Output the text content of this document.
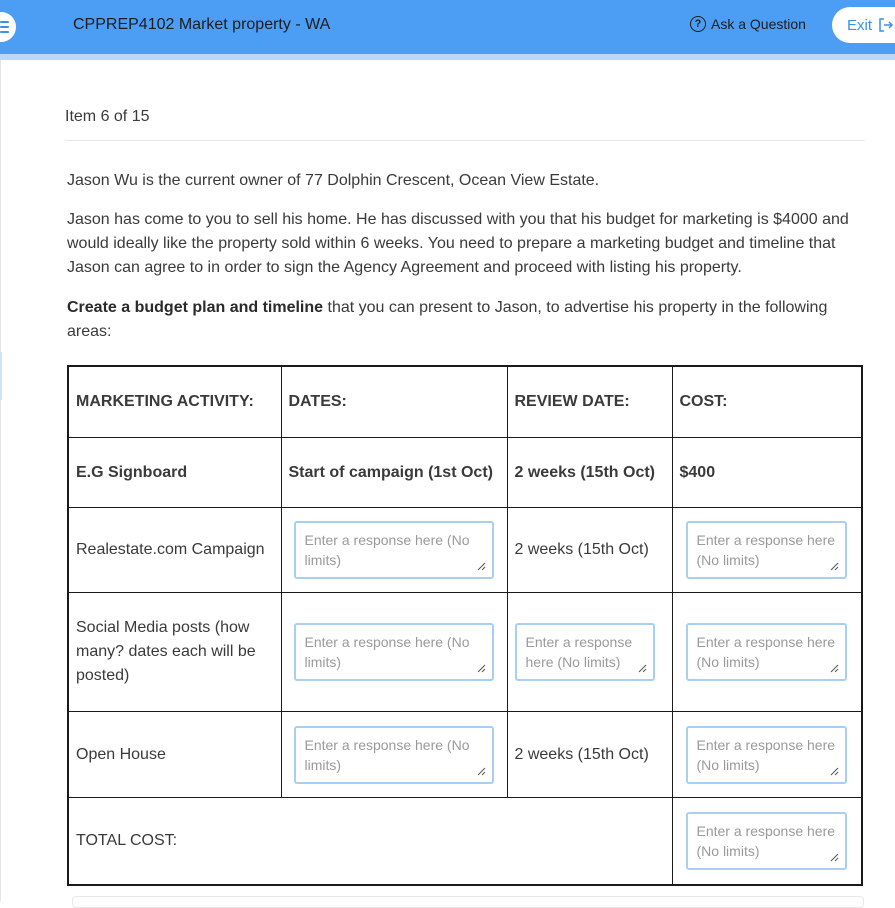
CPPREP4102 Market property - WA	? Ask a Question	Exit
Item 6 of 15

Jason Wu is the current owner of 77 Dolphin Crescent, Ocean View Estate.

Jason has come to you to sell his home. He has discussed with you that his budget for marketing is $4000 and would ideally like the property sold within 6 weeks. You need to prepare a marketing budget and timeline that Jason can agree to in order to sign the Agency Agreement and proceed with listing his property.

Create a budget plan and timeline that you can present to Jason, to advertise his property in the following areas:

MARKETING ACTIVITY:	DATES:	REVIEW DATE:	COST:
E.G Signboard	Start of campaign (1st Oct)	2 weeks (15th Oct)	$400
Realestate.com Campaign	Enter a response here (No limits)	2 weeks (15th Oct)	Enter a response here (No limits)

Social Media posts (how many? dates each will be posted)	Enter a response here (No limits)	Enter a response here (No limits)	Enter a response here (No limits)

Open House	Enter a response here (No limits)	2 weeks (15th Oct)	Enter a response here (No limits)

TOTAL COST:			Enter a response here (No limits)
